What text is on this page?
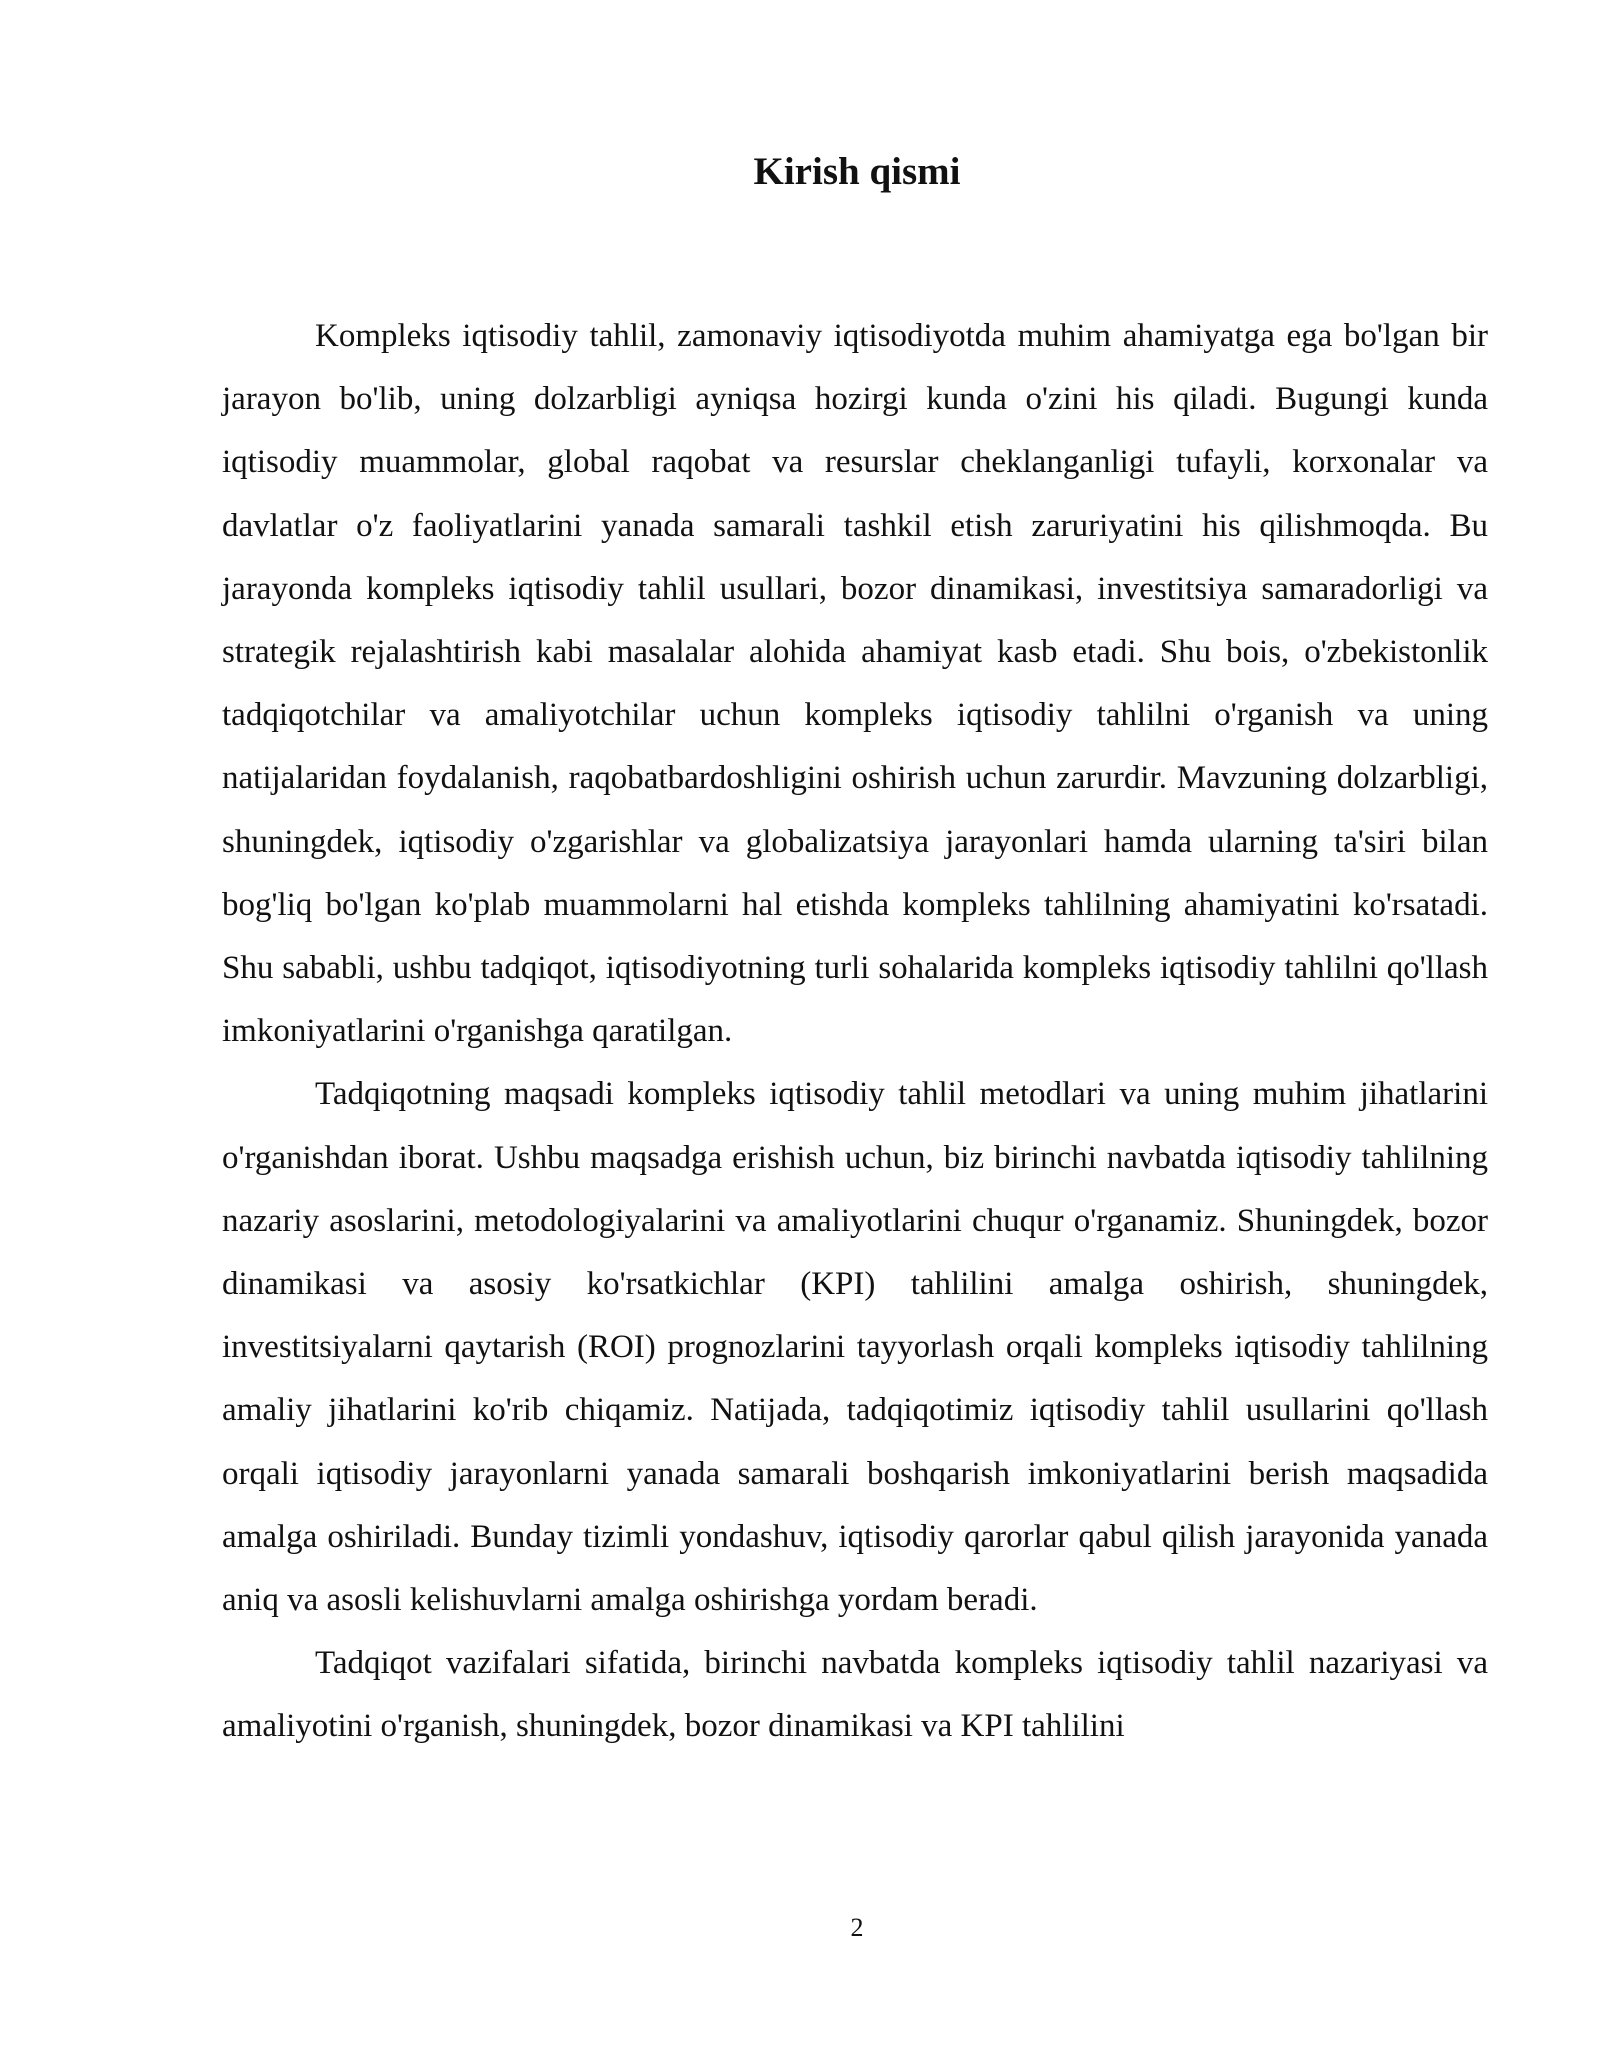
Kirish qismi

Kompleks iqtisodiy tahlil, zamonaviy iqtisodiyotda muhim ahamiyatga ega bo'lgan bir jarayon bo'lib, uning dolzarbligi ayniqsa hozirgi kunda o'zini his qiladi. Bugungi kunda iqtisodiy muammolar, global raqobat va resurslar cheklanganligi tufayli, korxonalar va davlatlar o'z faoliyatlarini yanada samarali tashkil etish zaruriyatini his qilishmoqda. Bu jarayonda kompleks iqtisodiy tahlil usullari, bozor dinamikasi, investitsiya samaradorligi va strategik rejalashtirish kabi masalalar alohida ahamiyat kasb etadi. Shu bois, o'zbekistonlik tadqiqotchilar va amaliyotchilar uchun kompleks iqtisodiy tahlilni o'rganish va uning natijalaridan foydalanish, raqobatbardoshligini oshirish uchun zarurdir. Mavzuning dolzarbligi, shuningdek, iqtisodiy o'zgarishlar va globalizatsiya jarayonlari hamda ularning ta'siri bilan bog'liq bo'lgan ko'plab muammolarni hal etishda kompleks tahlilning ahamiyatini ko'rsatadi. Shu sababli, ushbu tadqiqot, iqtisodiyotning turli sohalarida kompleks iqtisodiy tahlilni qo'llash imkoniyatlarini o'rganishga qaratilgan.

Tadqiqotning maqsadi kompleks iqtisodiy tahlil metodlari va uning muhim jihatlarini o'rganishdan iborat. Ushbu maqsadga erishish uchun, biz birinchi navbatda iqtisodiy tahlilning nazariy asoslarini, metodologiyalarini va amaliyotlarini chuqur o'rganamiz. Shuningdek, bozor dinamikasi va asosiy ko'rsatkichlar (KPI) tahlilini amalga oshirish, shuningdek, investitsiyalarni qaytarish (ROI) prognozlarini tayyorlash orqali kompleks iqtisodiy tahlilning amaliy jihatlarini ko'rib chiqamiz. Natijada, tadqiqotimiz iqtisodiy tahlil usullarini qo'llash orqali iqtisodiy jarayonlarni yanada samarali boshqarish imkoniyatlarini berish maqsadida amalga oshiriladi. Bunday tizimli yondashuv, iqtisodiy qarorlar qabul qilish jarayonida yanada aniq va asosli kelishuvlarni amalga oshirishga yordam beradi.

Tadqiqot vazifalari sifatida, birinchi navbatda kompleks iqtisodiy tahlil nazariyasi va amaliyotini o'rganish, shuningdek, bozor dinamikasi va KPI tahlilini

2
